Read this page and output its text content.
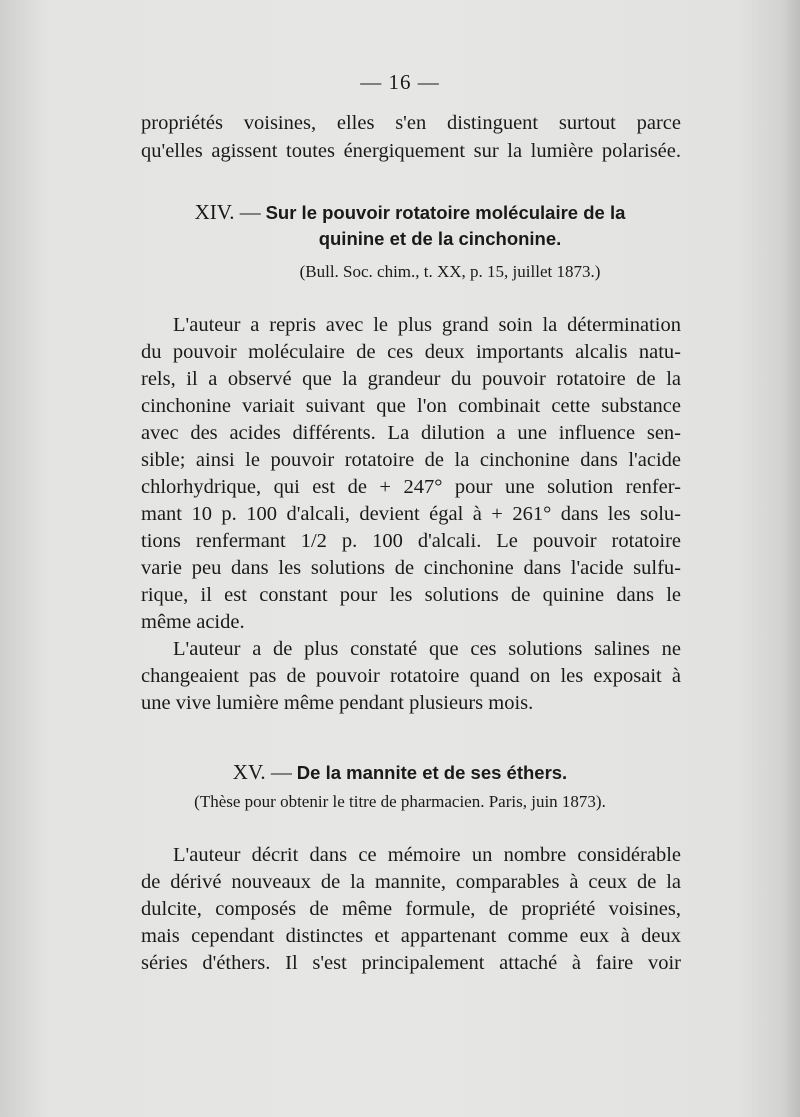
— 16 —
propriétés voisines, elles s'en distinguent surtout parce
qu'elles agissent toutes énergiquement sur la lumière polarisée.
XIV. — Sur le pouvoir rotatoire moléculaire de la
quinine et de la cinchonine.
(Bull. Soc. chim., t. XX, p. 15, juillet 1873.)
L'auteur a repris avec le plus grand soin la détermination
du pouvoir moléculaire de ces deux importants alcalis natu-
rels, il a observé que la grandeur du pouvoir rotatoire de la
cinchonine variait suivant que l'on combinait cette substance
avec des acides différents. La dilution a une influence sen-
sible; ainsi le pouvoir rotatoire de la cinchonine dans l'acide
chlorhydrique, qui est de + 247° pour une solution renfer-
mant 10 p. 100 d'alcali, devient égal à + 261° dans les solu-
tions renfermant 1/2 p. 100 d'alcali. Le pouvoir rotatoire
varie peu dans les solutions de cinchonine dans l'acide sulfu-
rique, il est constant pour les solutions de quinine dans le
même acide.
L'auteur a de plus constaté que ces solutions salines ne
changeaient pas de pouvoir rotatoire quand on les exposait à
une vive lumière même pendant plusieurs mois.
XV. — De la mannite et de ses éthers.
(Thèse pour obtenir le titre de pharmacien. Paris, juin 1873).
L'auteur décrit dans ce mémoire un nombre considérable
de dérivé nouveaux de la mannite, comparables à ceux de la
dulcite, composés de même formule, de propriété voisines,
mais cependant distinctes et appartenant comme eux à deux
séries d'éthers. Il s'est principalement attaché à faire voir
